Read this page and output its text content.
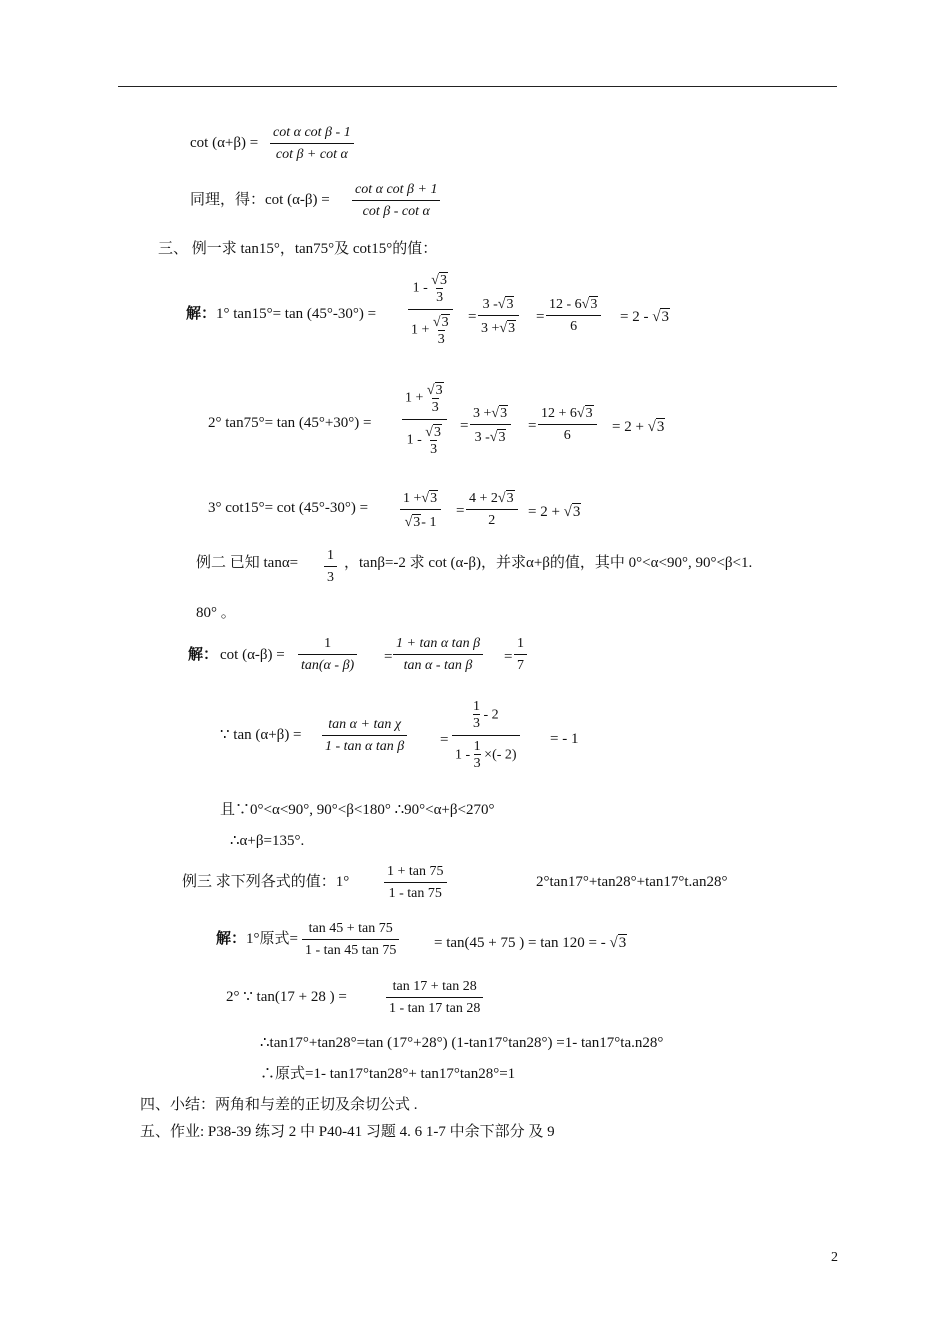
$\cot (\alpha+\beta) = \frac{\text{cot α cot β - 1}}{\text{cot β + cot α}}$
同理，得：$\cot (\alpha-\beta) = \frac{\text{cot α cot β + 1}}{\text{cot β - cot α}}$
三、 例一求 tan15°，tan75°及 cot15°的值：
解： 1° tan15°= tan (45°-30°) =
$1 - \frac{√3}{3}$
$1 + \frac{√3}{3} = \frac{3 -√3}{3 +√3} = \frac{12 - 6√3}{6} = 2 - √3$
2° tan75°= tan (45°+30°) =
$1 + \frac{√3}{3}$
$1 - \frac{√3}{3}$	= $\frac{3 +√3}{3 -√3} = \frac{12 + 6√3}{6} = 2 + √3$
3° $\cot 15^\circ= \cot (45^\circ-30^\circ) = \frac{1 +√3}{√3- 1} = \frac{4 + 2√3}{2} = 2 + √3$
例二 已知 $\tan\alpha= \frac{1}{3}$ ，tanβ=-2 求 cot (α-β)，并求α+β的值，其中 0°<α<90°, 90°<β<1.
80° 。
解： $\cot (\alpha-\beta) = \frac{1}{\tan(\alpha - \beta)} = \frac{\text{1 + tan α tan β}}{\text{tan α - tan β}} = \frac{1}{7}$
∵ $\tan (\alpha+\beta) = \frac{\text{tan α + tan χ}}{\text{1 - tan α tan β}}$ =
$\frac{1}{3} - 2$
$1 - \frac{1}{3}$ ×(- 2)
= - 1
且∵0°<α<90°, 90°<β<180° ∴90°<α+β<270°
∴α+β=135°.
例三 求下列各式的值：$1^\circ \frac{1 + \tan 75}{1 - \tan 75}$	2°tan17°+tan28°+tan17°t.an28°
解： 1°原式= $\frac{\tan 45 + \tan 75}{1 - \tan 45 \tan 75} = \tan(45 + 75$ ) = tan 120 = - √3
2° ∵ tan(17 + 28 ) =	$\frac{\tan 17 + \tan 28}{1 - \tan 17 \tan 28}$
∴tan17°+tan28°=tan (17°+28°) (1-tan17°tan28°) =1- tan17°ta.n28°
∴原式=1- tan17°tan28°+ tan17°tan28°=1
四、小结：两角和与差的正切及余切公式 .
五、作业: P38-39 练习 2 中 P40-41 习题 4. 6 1-7 中余下部分 及 9
2
